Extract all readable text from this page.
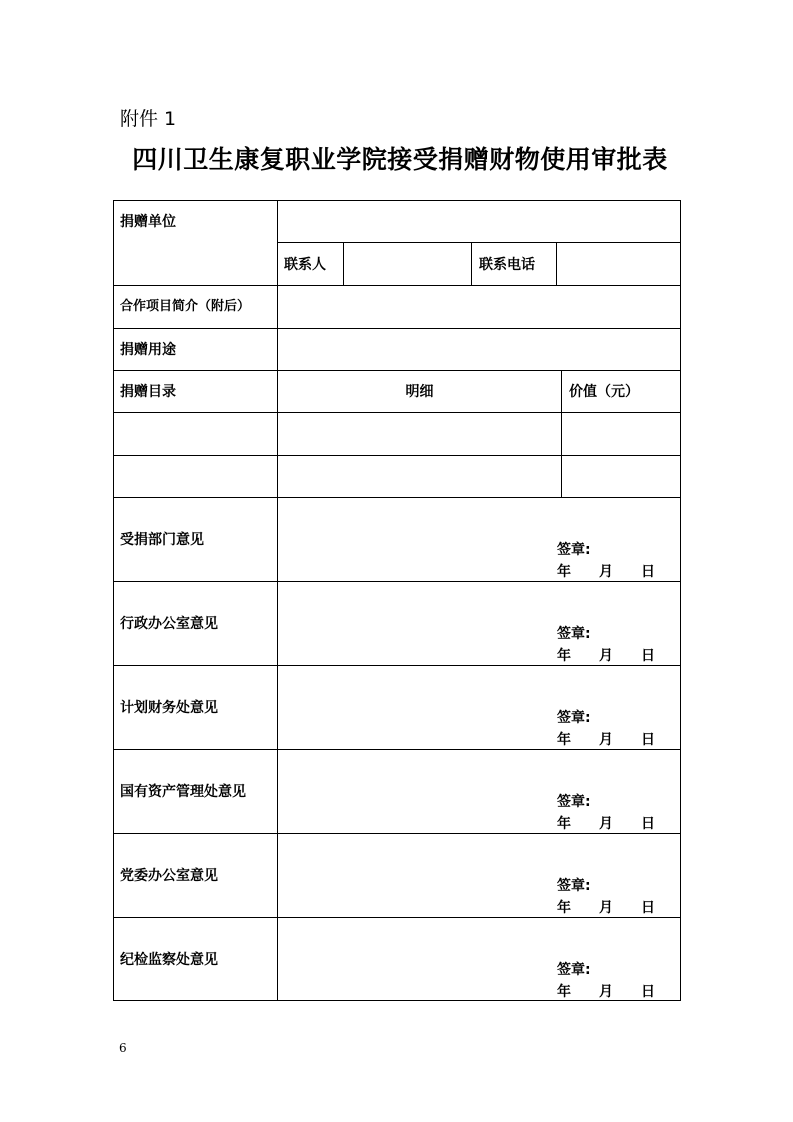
附件 1
四川卫生康复职业学院接受捐赠财物使用审批表
捐赠单位
联系人	联系电话
合作项目简介（附后）
捐赠用途
捐赠目录	明细	价值（元）
受捐部门意见
签章:
年　　月　　日
行政办公室意见
签章:
年　　月　　日
计划财务处意见
签章:
年　　月　　日
国有资产管理处意见
签章:
年　　月　　日
党委办公室意见
签章:
年　　月　　日
纪检监察处意见
签章:
年　　月　　日
6
